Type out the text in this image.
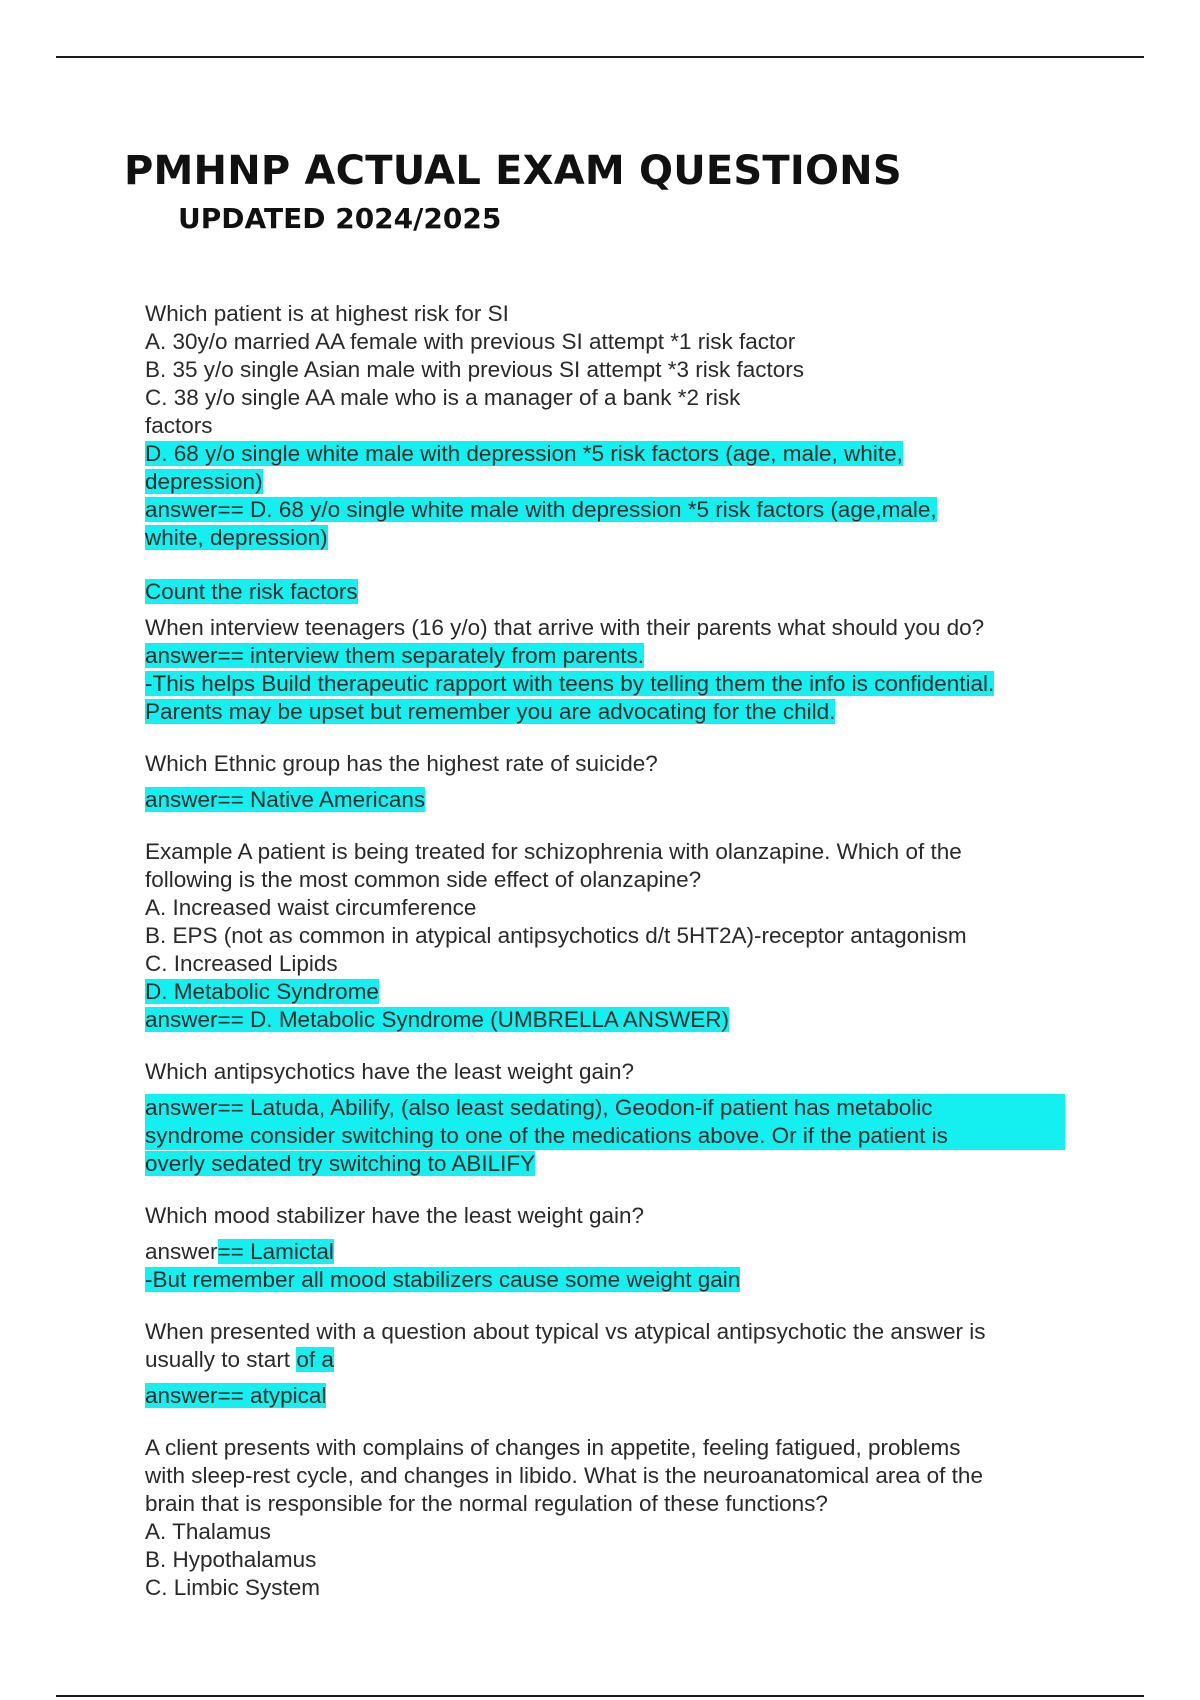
PMHNP ACTUAL EXAM QUESTIONS
UPDATED 2024/2025
Which patient is at highest risk for SI
A. 30y/o married AA female with previous SI attempt *1 risk factor
B. 35 y/o single Asian male with previous SI attempt *3 risk factors
C. 38 y/o single AA male who is a manager of a bank *2 risk
factors
D. 68 y/o single white male with depression *5 risk factors (age, male, white,
depression)
answer== D. 68 y/o single white male with depression *5 risk factors (age,male,
white, depression)
Count the risk factors
When interview teenagers (16 y/o) that arrive with their parents what should you do?
answer== interview them separately from parents.
-This helps Build therapeutic rapport with teens by telling them the info is confidential.
Parents may be upset but remember you are advocating for the child.
Which Ethnic group has the highest rate of suicide?
answer== Native Americans
Example A patient is being treated for schizophrenia with olanzapine. Which of the
following is the most common side effect of olanzapine?
A. Increased waist circumference
B. EPS (not as common in atypical antipsychotics d/t 5HT2A)-receptor antagonism
C. Increased Lipids
D. Metabolic Syndrome
answer== D. Metabolic Syndrome (UMBRELLA ANSWER)
Which antipsychotics have the least weight gain?
answer== Latuda, Abilify, (also least sedating), Geodon-if patient has metabolic
syndrome consider switching to one of the medications above. Or if the patient is
overly sedated try switching to ABILIFY
Which mood stabilizer have the least weight gain?
answer== Lamictal
-But remember all mood stabilizers cause some weight gain
When presented with a question about typical vs atypical antipsychotic the answer is
usually to start of a
answer== atypical
A client presents with complains of changes in appetite, feeling fatigued, problems
with sleep-rest cycle, and changes in libido. What is the neuroanatomical area of the
brain that is responsible for the normal regulation of these functions?
A. Thalamus
B. Hypothalamus
C. Limbic System
